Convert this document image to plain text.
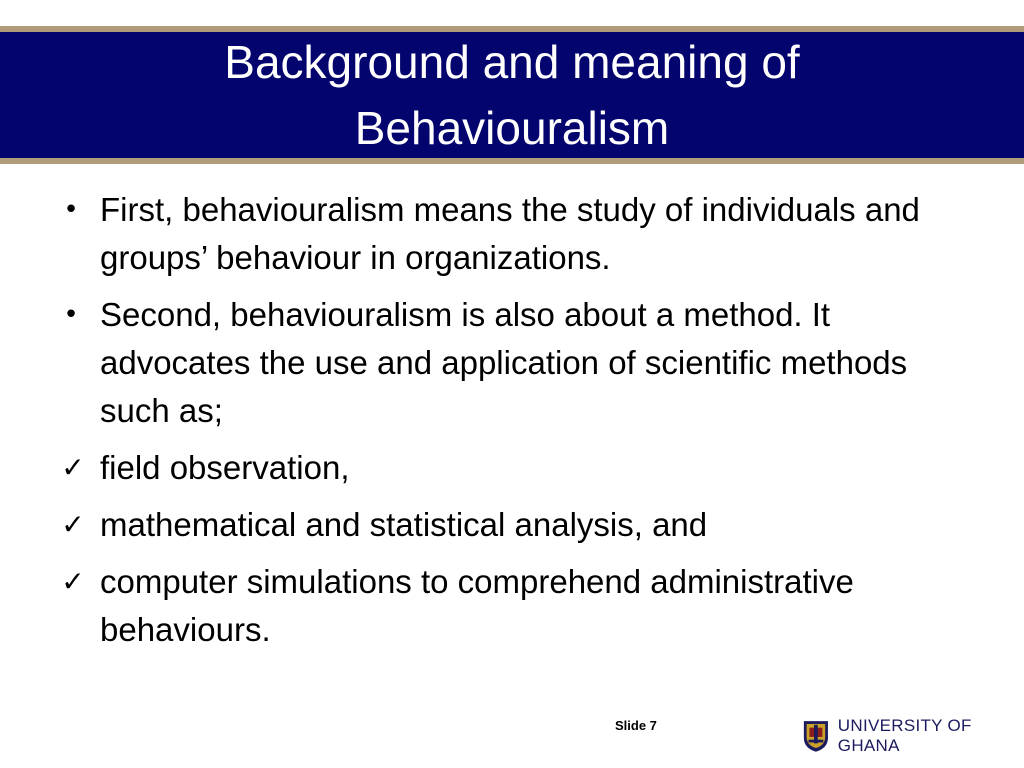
Background and meaning of Behaviouralism
• First, behaviouralism means the study of individuals and groups’ behaviour in organizations.
• Second, behaviouralism is also about a method. It advocates the use and application of scientific methods such as;
✓ field observation,
✓ mathematical and statistical analysis, and
✓ computer simulations to comprehend administrative behaviours.
Slide 7	UNIVERSITY OF GHANA
